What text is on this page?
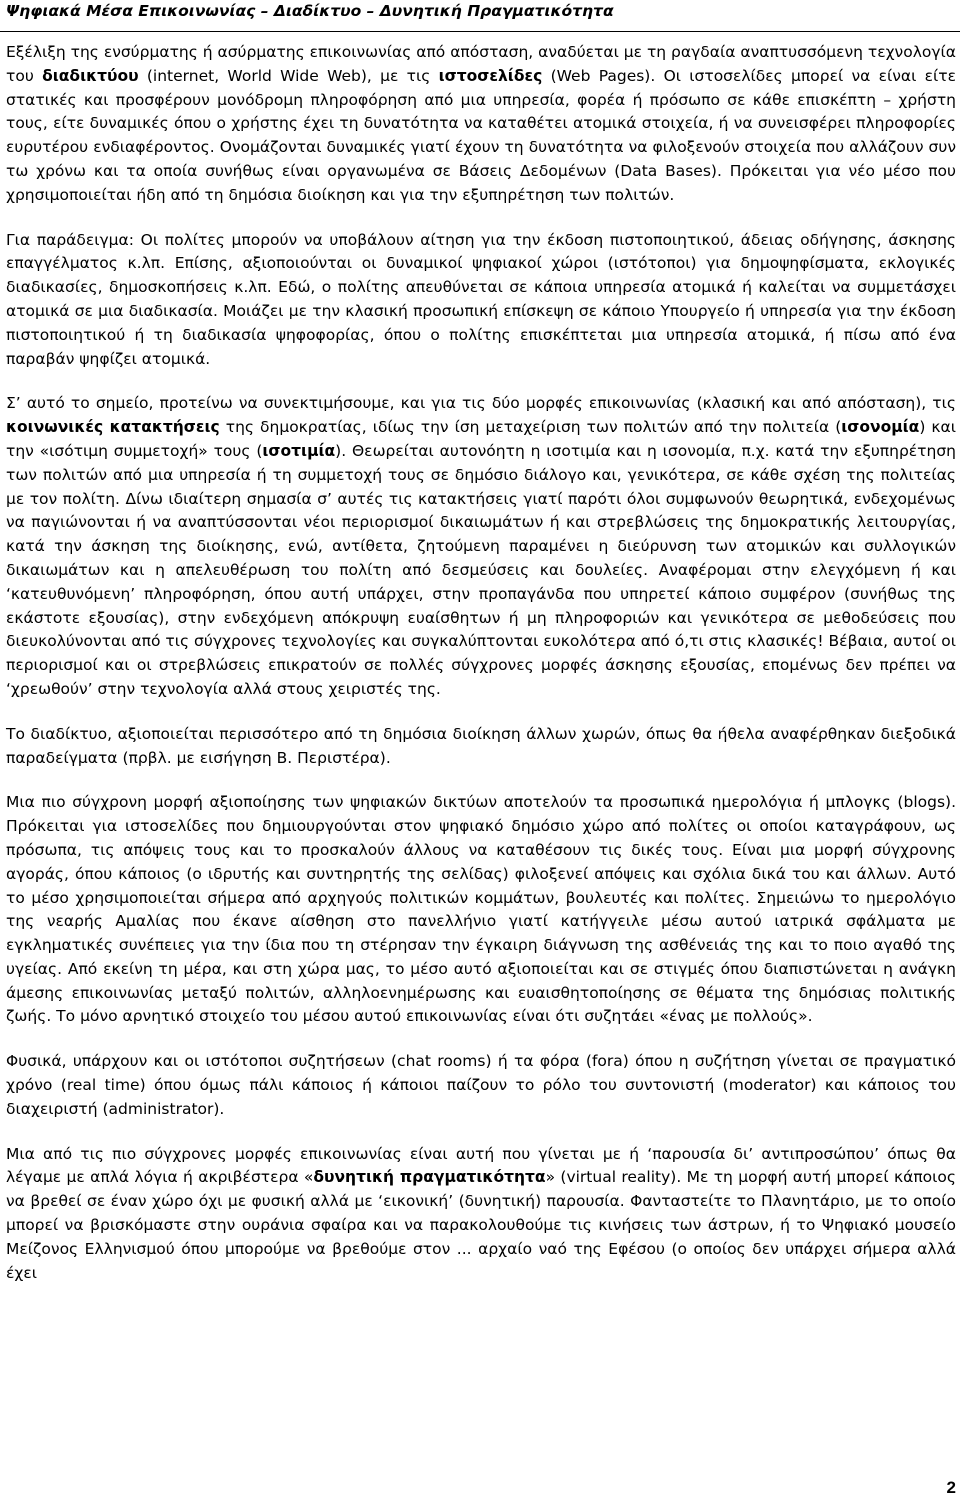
Ψηφιακά Μέσα Επικοινωνίας – Διαδίκτυο – Δυνητική Πραγματικότητα

Εξέλιξη της ενσύρματης ή ασύρματης επικοινωνίας από απόσταση, αναδύεται με τη ραγδαία αναπτυσσόμενη τεχνολογία του διαδικτύου (internet, World Wide Web), με τις ιστοσελίδες (Web Pages). Οι ιστοσελίδες μπορεί να είναι είτε στατικές και προσφέρουν μονόδρομη πληροφόρηση από μια υπηρεσία, φορέα ή πρόσωπο σε κάθε επισκέπτη – χρήστη τους, είτε δυναμικές όπου ο χρήστης έχει τη δυνατότητα να καταθέτει ατομικά στοιχεία, ή να συνεισφέρει πληροφορίες ευρυτέρου ενδιαφέροντος. Ονομάζονται δυναμικές γιατί έχουν τη δυνατότητα να φιλοξενούν στοιχεία που αλλάζουν συν τω χρόνω και τα οποία συνήθως είναι οργανωμένα σε Βάσεις Δεδομένων (Data Bases). Πρόκειται για νέο μέσο που χρησιμοποιείται ήδη από τη δημόσια διοίκηση και για την εξυπηρέτηση των πολιτών.

Για παράδειγμα: Οι πολίτες μπορούν να υποβάλουν αίτηση για την έκδοση πιστοποιητικού, άδειας οδήγησης, άσκησης επαγγέλματος κ.λπ. Επίσης, αξιοποιούνται οι δυναμικοί ψηφιακοί χώροι (ιστότοποι) για δημοψηφίσματα, εκλογικές διαδικασίες, δημοσκοπήσεις κ.λπ. Εδώ, ο πολίτης απευθύνεται σε κάποια υπηρεσία ατομικά ή καλείται να συμμετάσχει ατομικά σε μια διαδικασία. Μοιάζει με την κλασική προσωπική επίσκεψη σε κάποιο Υπουργείο ή υπηρεσία για την έκδοση πιστοποιητικού ή τη διαδικασία ψηφοφορίας, όπου ο πολίτης επισκέπτεται μια υπηρεσία ατομικά, ή πίσω από ένα παραβάν ψηφίζει ατομικά.

Σ’ αυτό το σημείο, προτείνω να συνεκτιμήσουμε, και για τις δύο μορφές επικοινωνίας (κλασική και από απόσταση), τις κοινωνικές κατακτήσεις της δημοκρατίας, ιδίως την ίση μεταχείριση των πολιτών από την πολιτεία (ισονομία) και την «ισότιμη συμμετοχή» τους (ισοτιμία). Θεωρείται αυτονόητη η ισοτιμία και η ισονομία, π.χ. κατά την εξυπηρέτηση των πολιτών από μια υπηρεσία ή τη συμμετοχή τους σε δημόσιο διάλογο και, γενικότερα, σε κάθε σχέση της πολιτείας με τον πολίτη. Δίνω ιδιαίτερη σημασία σ’ αυτές τις κατακτήσεις γιατί παρότι όλοι συμφωνούν θεωρητικά, ενδεχομένως να παγιώνονται ή να αναπτύσσονται νέοι περιορισμοί δικαιωμάτων ή και στρεβλώσεις της δημοκρατικής λειτουργίας, κατά την άσκηση της διοίκησης, ενώ, αντίθετα, ζητούμενη παραμένει η διεύρυνση των ατομικών και συλλογικών δικαιωμάτων και η απελευθέρωση του πολίτη από δεσμεύσεις και δουλείες. Αναφέρομαι στην ελεγχόμενη ή και ‘κατευθυνόμενη’ πληροφόρηση, όπου αυτή υπάρχει, στην προπαγάνδα που υπηρετεί κάποιο συμφέρον (συνήθως της εκάστοτε εξουσίας), στην ενδεχόμενη απόκρυψη ευαίσθητων ή μη πληροφοριών και γενικότερα σε μεθοδεύσεις που διευκολύνονται από τις σύγχρονες τεχνολογίες και συγκαλύπτονται ευκολότερα από ό,τι στις κλασικές! Βέβαια, αυτοί οι περιορισμοί και οι στρεβλώσεις επικρατούν σε πολλές σύγχρονες μορφές άσκησης εξουσίας, επομένως δεν πρέπει να ‘χρεωθούν’ στην τεχνολογία αλλά στους χειριστές της.

Το διαδίκτυο, αξιοποιείται περισσότερο από τη δημόσια διοίκηση άλλων χωρών, όπως θα ήθελα αναφέρθηκαν διεξοδικά παραδείγματα (πρβλ. με εισήγηση Β. Περιστέρα).

Μια πιο σύγχρονη μορφή αξιοποίησης των ψηφιακών δικτύων αποτελούν τα προσωπικά ημερολόγια ή μπλογκς (blogs). Πρόκειται για ιστοσελίδες που δημιουργούνται στον ψηφιακό δημόσιο χώρο από πολίτες οι οποίοι καταγράφουν, ως πρόσωπα, τις απόψεις τους και το προσκαλούν άλλους να καταθέσουν τις δικές τους. Είναι μια μορφή σύγχρονης αγοράς, όπου κάποιος (ο ιδρυτής και συντηρητής της σελίδας) φιλοξενεί απόψεις και σχόλια δικά του και άλλων. Αυτό το μέσο χρησιμοποιείται σήμερα από αρχηγούς πολιτικών κομμάτων, βουλευτές και πολίτες. Σημειώνω το ημερολόγιο της νεαρής Αμαλίας που έκανε αίσθηση στο πανελλήνιο γιατί κατήγγειλε μέσω αυτού ιατρικά σφάλματα με εγκληματικές συνέπειες για την ίδια που τη στέρησαν την έγκαιρη διάγνωση της ασθένειάς της και το ποιο αγαθό της υγείας. Από εκείνη τη μέρα, και στη χώρα μας, το μέσο αυτό αξιοποιείται και σε στιγμές όπου διαπιστώνεται η ανάγκη άμεσης επικοινωνίας μεταξύ πολιτών, αλληλοενημέρωσης και ευαισθητοποίησης σε θέματα της δημόσιας πολιτικής ζωής. Το μόνο αρνητικό στοιχείο του μέσου αυτού επικοινωνίας είναι ότι συζητάει «ένας με πολλούς».

Φυσικά, υπάρχουν και οι ιστότοποι συζητήσεων (chat rooms) ή τα φόρα (fora) όπου η συζήτηση γίνεται σε πραγματικό χρόνο (real time) όπου όμως πάλι κάποιος ή κάποιοι παίζουν το ρόλο του συντονιστή (moderator) και κάποιος του διαχειριστή (administrator).

Μια από τις πιο σύγχρονες μορφές επικοινωνίας είναι αυτή που γίνεται με ή ‘παρουσία δι’ αντιπροσώπου’ όπως θα λέγαμε με απλά λόγια ή ακριβέστερα «δυνητική πραγματικότητα» (virtual reality). Με τη μορφή αυτή μπορεί κάποιος να βρεθεί σε έναν χώρο όχι με φυσική αλλά με ‘εικονική’ (δυνητική) παρουσία. Φανταστείτε το Πλανητάριο, με το οποίο μπορεί να βρισκόμαστε στην ουράνια σφαίρα και να παρακολουθούμε τις κινήσεις των άστρων, ή το Ψηφιακό μουσείο Μείζονος Ελληνισμού όπου μπορούμε να βρεθούμε στον ... αρχαίο ναό της Εφέσου (ο οποίος δεν υπάρχει σήμερα αλλά έχει

2
